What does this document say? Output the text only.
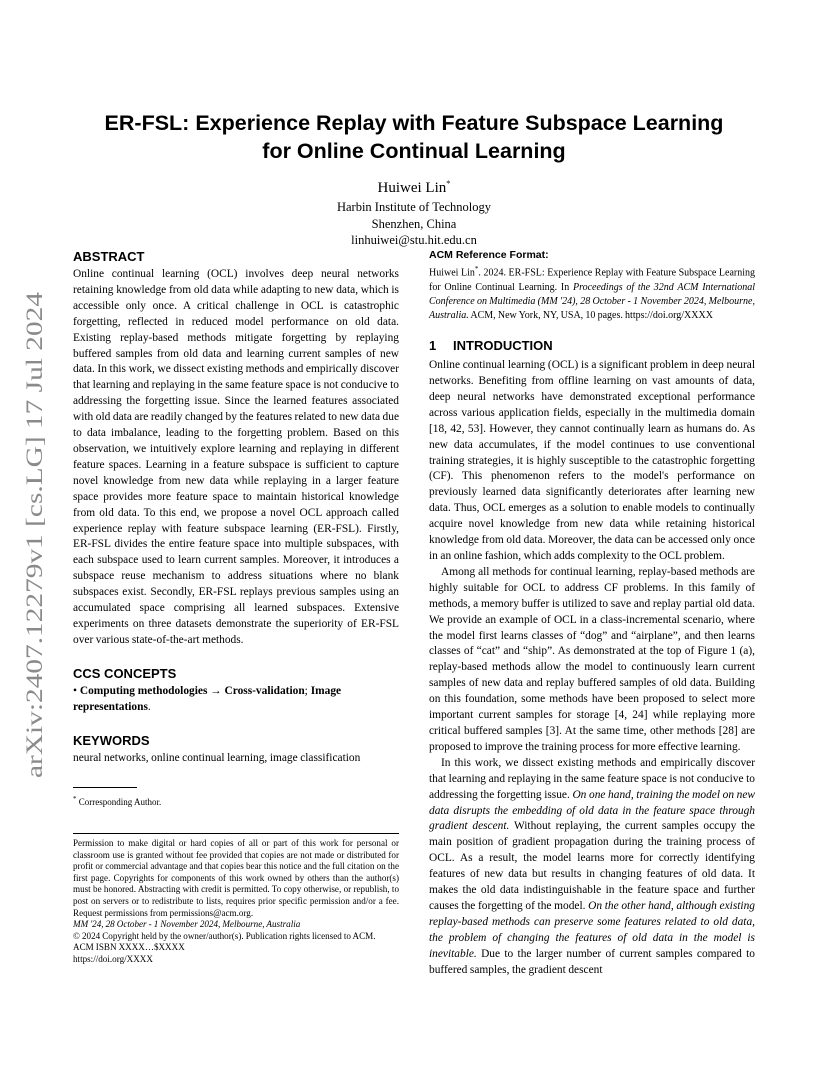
arXiv:2407.12279v1 [cs.LG] 17 Jul 2024
ER-FSL: Experience Replay with Feature Subspace Learning
for Online Continual Learning
Huiwei Lin*
Harbin Institute of Technology
Shenzhen, China
linhuiwei@stu.hit.edu.cn
ABSTRACT

Online continual learning (OCL) involves deep neural networks retaining knowledge from old data while adapting to new data, which is accessible only once. A critical challenge in OCL is catastrophic forgetting, reflected in reduced model performance on old data. Existing replay-based methods mitigate forgetting by replaying buffered samples from old data and learning current samples of new data. In this work, we dissect existing methods and empirically discover that learning and replaying in the same feature space is not conducive to addressing the forgetting issue. Since the learned features associated with old data are readily changed by the features related to new data due to data imbalance, leading to the forgetting problem. Based on this observation, we intuitively explore learning and replaying in different feature spaces. Learning in a feature subspace is sufficient to capture novel knowledge from new data while replaying in a larger feature space provides more feature space to maintain historical knowledge from old data. To this end, we propose a novel OCL approach called experience replay with feature subspace learning (ER-FSL). Firstly, ER-FSL divides the entire feature space into multiple subspaces, with each subspace used to learn current samples. Moreover, it introduces a subspace reuse mechanism to address situations where no blank subspaces exist. Secondly, ER-FSL replays previous samples using an accumulated space comprising all learned subspaces. Extensive experiments on three datasets demonstrate the superiority of ER-FSL over various state-of-the-art methods.

CCS CONCEPTS

• Computing methodologies → Cross-validation; Image representations.

KEYWORDS

neural networks, online continual learning, image classification

* Corresponding Author.

Permission to make digital or hard copies of all or part of this work for personal or classroom use is granted without fee provided that copies are not made or distributed for profit or commercial advantage and that copies bear this notice and the full citation on the first page. Copyrights for components of this work owned by others than the author(s) must be honored. Abstracting with credit is permitted. To copy otherwise, or republish, to post on servers or to redistribute to lists, requires prior specific permission and/or a fee. Request permissions from permissions@acm.org.

MM '24, 28 October - 1 November 2024, Melbourne, Australia

© 2024 Copyright held by the owner/author(s). Publication rights licensed to ACM.

ACM ISBN XXXX…$XXXX

https://doi.org/XXXX

ACM Reference Format:

Huiwei Lin*. 2024. ER-FSL: Experience Replay with Feature Subspace Learning for Online Continual Learning. In Proceedings of the 32nd ACM International Conference on Multimedia (MM '24), 28 October - 1 November 2024, Melbourne, Australia. ACM, New York, NY, USA, 10 pages. https://doi.org/XXXX

1 INTRODUCTION

Online continual learning (OCL) is a significant problem in deep neural networks. Benefiting from offline learning on vast amounts of data, deep neural networks have demonstrated exceptional performance across various application fields, especially in the multimedia domain [18, 42, 53]. However, they cannot continually learn as humans do. As new data accumulates, if the model continues to use conventional training strategies, it is highly susceptible to the catastrophic forgetting (CF). This phenomenon refers to the model's performance on previously learned data significantly deteriorates after learning new data. Thus, OCL emerges as a solution to enable models to continually acquire novel knowledge from new data while retaining historical knowledge from old data. Moreover, the data can be accessed only once in an online fashion, which adds complexity to the OCL problem.

Among all methods for continual learning, replay-based methods are highly suitable for OCL to address CF problems. In this family of methods, a memory buffer is utilized to save and replay partial old data. We provide an example of OCL in a class-incremental scenario, where the model first learns classes of “dog” and “airplane”, and then learns classes of “cat” and “ship”. As demonstrated at the top of Figure 1 (a), replay-based methods allow the model to continuously learn current samples of new data and replay buffered samples of old data. Building on this foundation, some methods have been proposed to select more important current samples for storage [4, 24] while replaying more critical buffered samples [3]. At the same time, other methods [28] are proposed to improve the training process for more effective learning.

In this work, we dissect existing methods and empirically discover that learning and replaying in the same feature space is not conducive to addressing the forgetting issue. On one hand, training the model on new data disrupts the embedding of old data in the feature space through gradient descent. Without replaying, the current samples occupy the main position of gradient propagation during the training process of OCL. As a result, the model learns more for correctly identifying features of new data but results in changing features of old data. It makes the old data indistinguishable in the feature space and further causes the forgetting of the model. On the other hand, although existing replay-based methods can preserve some features related to old data, the problem of changing the features of old data in the model is inevitable. Due to the larger number of current samples compared to buffered samples, the gradient descent
